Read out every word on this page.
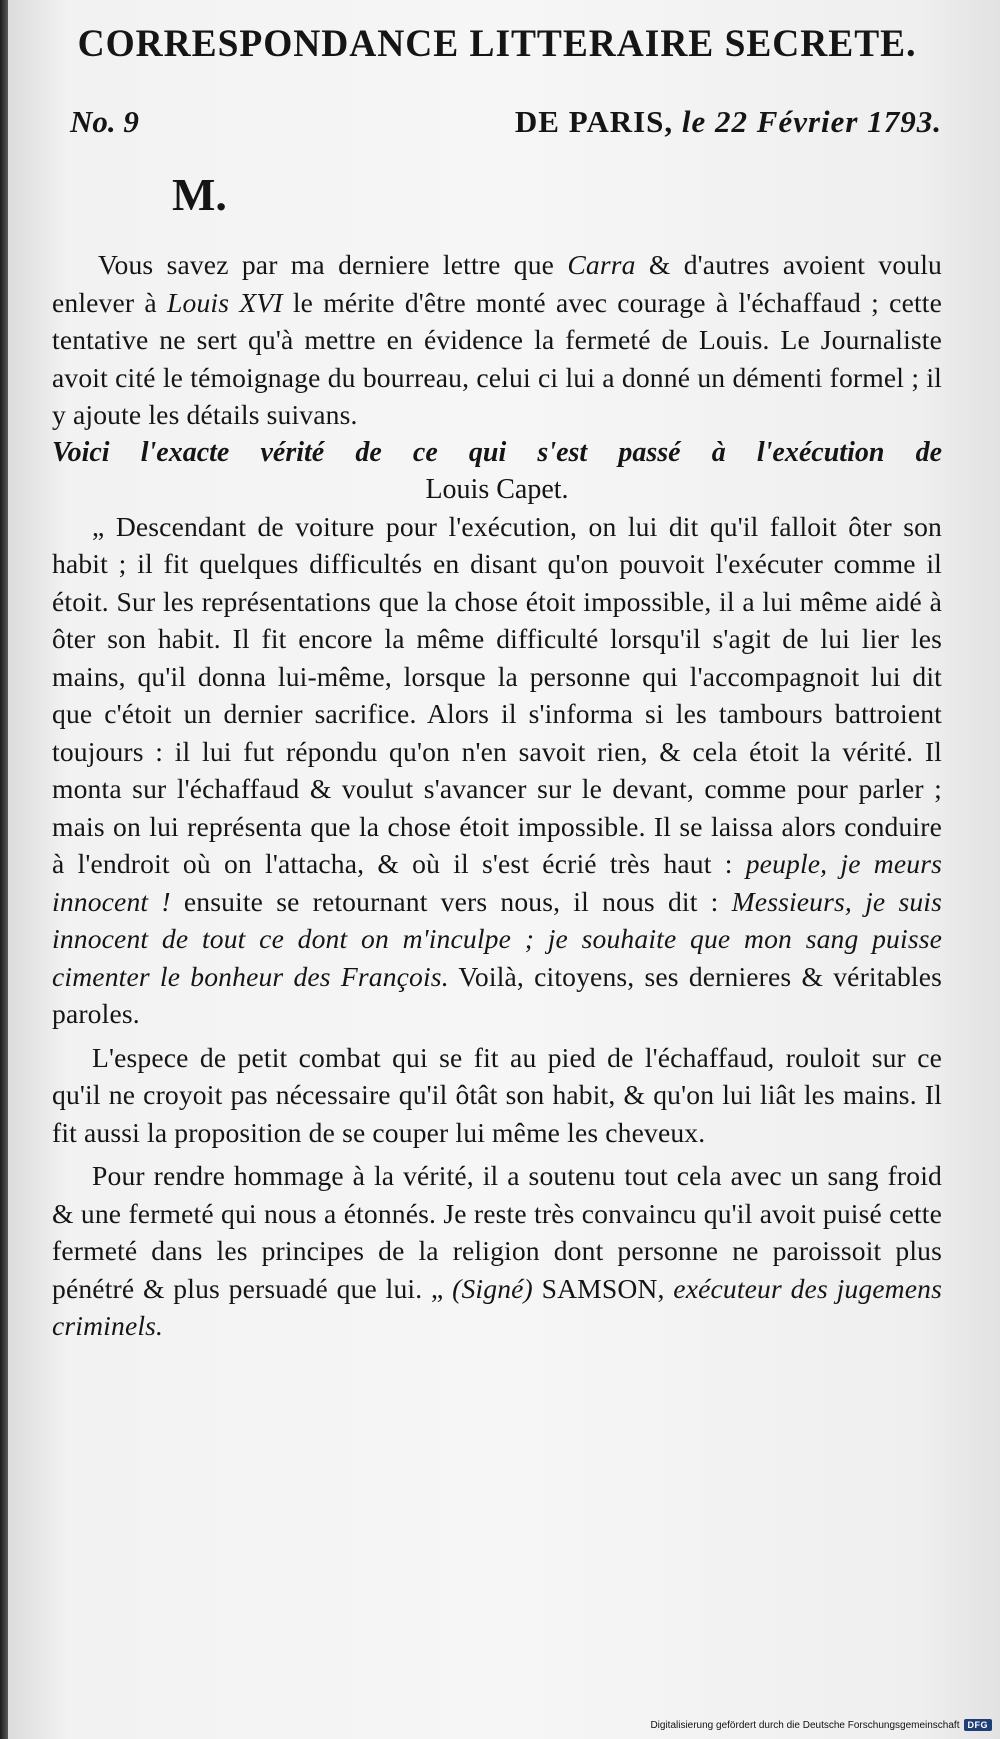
CORRESPONDANCE LITTERAIRE SECRETE.
No. 9	DE PARIS, le 22 Février 1793.
M.

Vous savez par ma derniere lettre que Carra & d'autres avoient voulu enlever à Louis XVI le mérite d'être monté avec courage à l'échaffaud ; cette tentative ne sert qu'à mettre en évidence la fermeté de Louis. Le Journaliste avoit cité le témoignage du bourreau, celui ci lui a donné un démenti formel ; il y ajoute les détails suivans.

Voici l'exacte vérité de ce qui s'est passé à l'exécution de

Louis Capet.

„ Descendant de voiture pour l'exécution, on lui dit qu'il falloit ôter son habit ; il fit quelques difficultés en disant qu'on pouvoit l'exécuter comme il étoit. Sur les représentations que la chose étoit impossible, il a lui même aidé à ôter son habit. Il fit encore la même difficulté lorsqu'il s'agit de lui lier les mains, qu'il donna lui-même, lorsque la personne qui l'accompagnoit lui dit que c'étoit un dernier sacrifice. Alors il s'informa si les tambours battroient toujours : il lui fut répondu qu'on n'en savoit rien, & cela étoit la vérité. Il monta sur l'échaffaud & voulut s'avancer sur le devant, comme pour parler ; mais on lui représenta que la chose étoit impossible. Il se laissa alors conduire à l'endroit où on l'attacha, & où il s'est écrié très haut : peuple, je meurs innocent ! ensuite se retournant vers nous, il nous dit : Messieurs, je suis innocent de tout ce dont on m'inculpe ; je souhaite que mon sang puisse cimenter le bonheur des François. Voilà, citoyens, ses dernieres & véritables paroles.

L'espece de petit combat qui se fit au pied de l'échaffaud, rouloit sur ce qu'il ne croyoit pas nécessaire qu'il ôtât son habit, & qu'on lui liât les mains. Il fit aussi la proposition de se couper lui même les cheveux.

Pour rendre hommage à la vérité, il a soutenu tout cela avec un sang froid & une fermeté qui nous a étonnés. Je reste très convaincu qu'il avoit puisé cette fermeté dans les principes de la religion dont personne ne paroissoit plus pénétré & plus persuadé que lui. „ (Signé) SAMSON, exécuteur des jugemens criminels.

Digitalisierung gefördert durch die Deutsche Forschungsgemeinschaft DFG
